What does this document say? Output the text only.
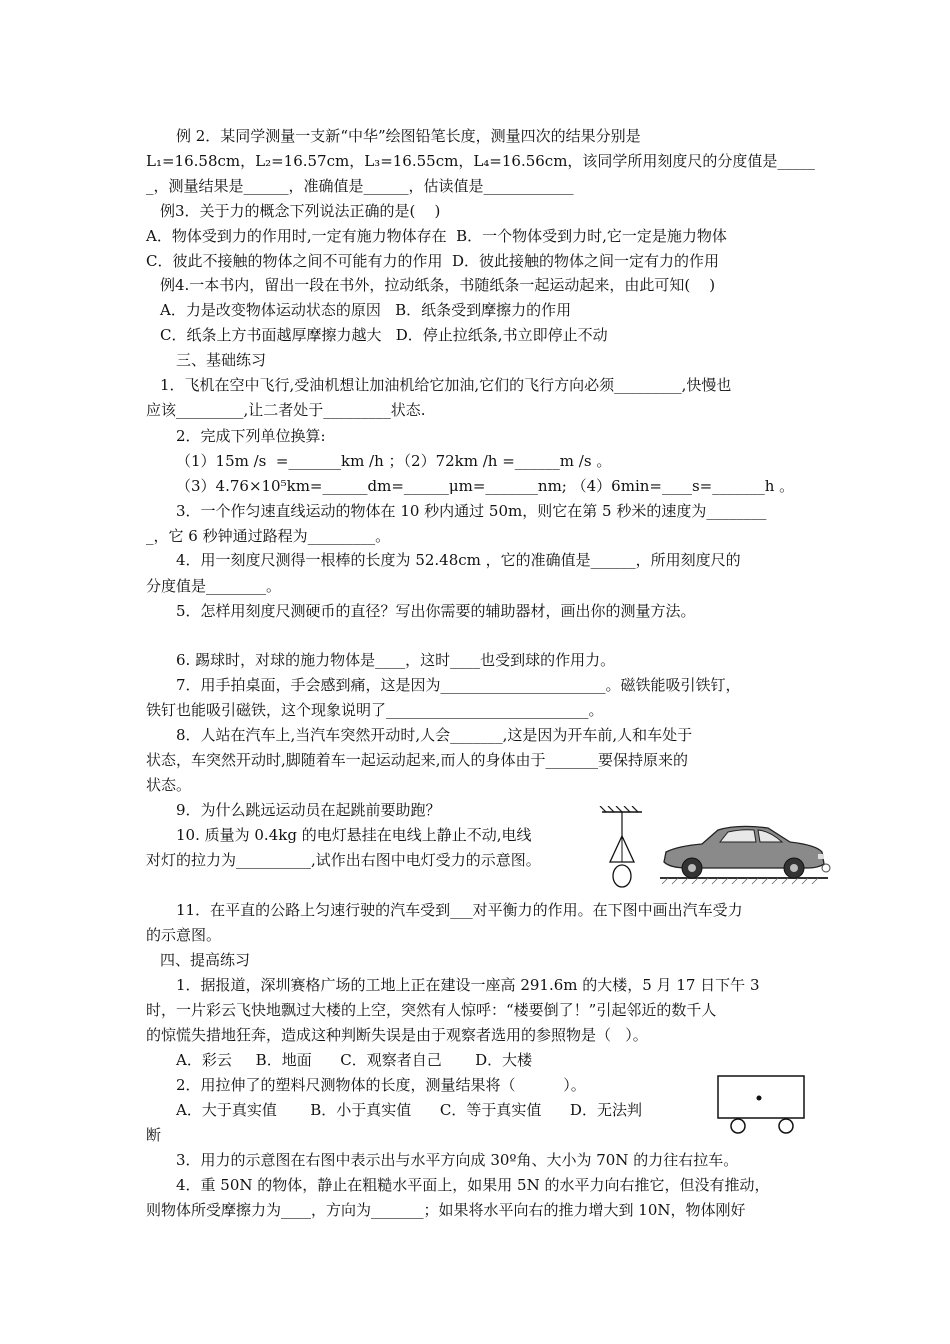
例 2．某同学测量一支新“中华”绘图铅笔长度，测量四次的结果分别是
L₁=16.58cm，L₂=16.57cm，L₃=16.55cm，L₄=16.56cm，该同学所用刻度尺的分度值是_____
_，测量结果是______，准确值是______，估读值是____________
例3．关于力的概念下列说法正确的是(    )
A．物体受到力的作用时,一定有施力物体存在  B．一个物体受到力时,它一定是施力物体
C．彼此不接触的物体之间不可能有力的作用  D．彼此接触的物体之间一定有力的作用
例4.一本书内，留出一段在书外，拉动纸条，书随纸条一起运动起来，由此可知(    )
A．力是改变物体运动状态的原因   B．纸条受到摩擦力的作用
C．纸条上方书面越厚摩擦力越大   D．停止拉纸条,书立即停止不动
三、基础练习
1．飞机在空中飞行,受油机想让加油机给它加油,它们的飞行方向必须_________,快慢也
应该_________,让二者处于_________状态.
2．完成下列单位换算:
（1）15m /s  =_______km /h ；（2）72km /h =______m /s 。
（3）4.76×10⁵km=______dm=______μm=_______nm; （4）6min=____s=_______h 。
3．一个作匀速直线运动的物体在 10 秒内通过 50m，则它在第 5 秒米的速度为________
_，它 6 秒钟通过路程为_________。
4．用一刻度尺测得一根棒的长度为 52.48cm ，它的准确值是______，所用刻度尺的
分度值是________。
5．怎样用刻度尺测硬币的直径？写出你需要的辅助器材，画出你的测量方法。
6. 踢球时，对球的施力物体是____，这时____也受到球的作用力。
7．用手拍桌面，手会感到痛，这是因为______________________。磁铁能吸引铁钉，
铁钉也能吸引磁铁，这个现象说明了___________________________。
8．人站在汽车上,当汽车突然开动时,人会_______,这是因为开车前,人和车处于
状态，车突然开动时,脚随着车一起运动起来,而人的身体由于_______要保持原来的
状态。
9．为什么跳远运动员在起跳前要助跑？
10. 质量为 0.4kg 的电灯悬挂在电线上静止不动,电线
对灯的拉力为__________,试作出右图中电灯受力的示意图。
11．在平直的公路上匀速行驶的汽车受到___对平衡力的作用。在下图中画出汽车受力
的示意图。
四、提高练习
1．据报道，深圳赛格广场的工地上正在建设一座高 291.6m 的大楼，5 月 17 日下午 3
时，一片彩云飞快地飘过大楼的上空，突然有人惊呼：“楼要倒了！”引起邻近的数千人
的惊慌失措地狂奔，造成这种判断失误是由于观察者选用的参照物是（   ）。
A．彩云     B．地面      C．观察者自己       D．大楼
2．用拉伸了的塑料尺测物体的长度，测量结果将（          ）。
A．大于真实值       B．小于真实值      C．等于真实值      D．无法判
断
3．用力的示意图在右图中表示出与水平方向成 30º角、大小为 70N 的力往右拉车。
4．重 50N 的物体，静止在粗糙水平面上，如果用 5N 的水平力向右推它，但没有推动，
则物体所受摩擦力为____，方向为_______；如果将水平向右的推力增大到 10N，物体刚好
